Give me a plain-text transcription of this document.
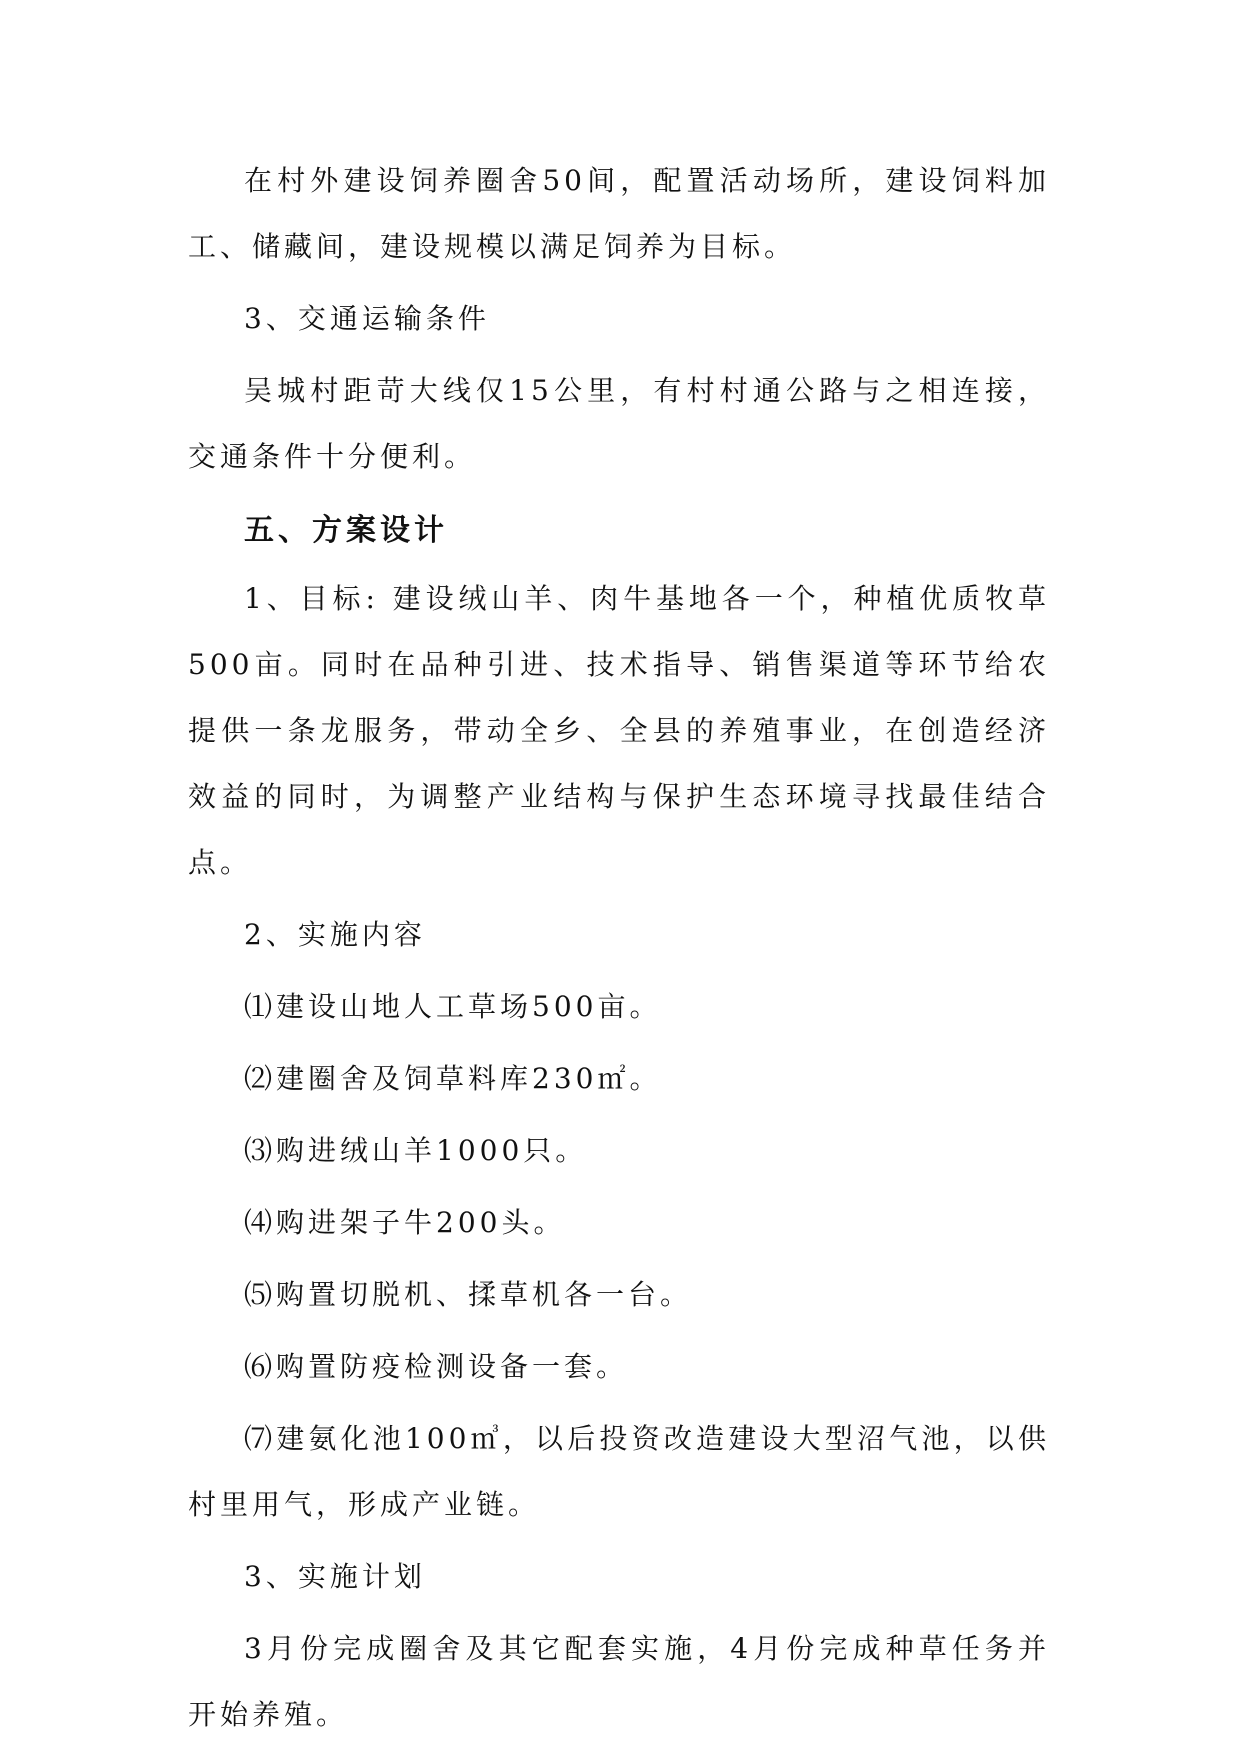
在村外建设饲养圈舍50间，配置活动场所，建设饲料加工、储藏间，建设规模以满足饲养为目标。

3、交通运输条件

吴城村距苛大线仅15公里，有村村通公路与之相连接，交通条件十分便利。

五、方案设计

1、目标: 建设绒山羊、肉牛基地各一个，种植优质牧草500亩。同时在品种引进、技术指导、销售渠道等环节给农提供一条龙服务，带动全乡、全县的养殖事业，在创造经济效益的同时，为调整产业结构与保护生态环境寻找最佳结合点。

2、实施内容

⑴建设山地人工草场500亩。

⑵建圈舍及饲草料库230㎡。

⑶购进绒山羊1000只。

⑷购进架子牛200头。

⑸购置切脱机、揉草机各一台。

⑹购置防疫检测设备一套。

⑺建氨化池100㎥，以后投资改造建设大型沼气池，以供村里用气，形成产业链。

3、实施计划

3月份完成圈舍及其它配套实施，4月份完成种草任务并开始养殖。
